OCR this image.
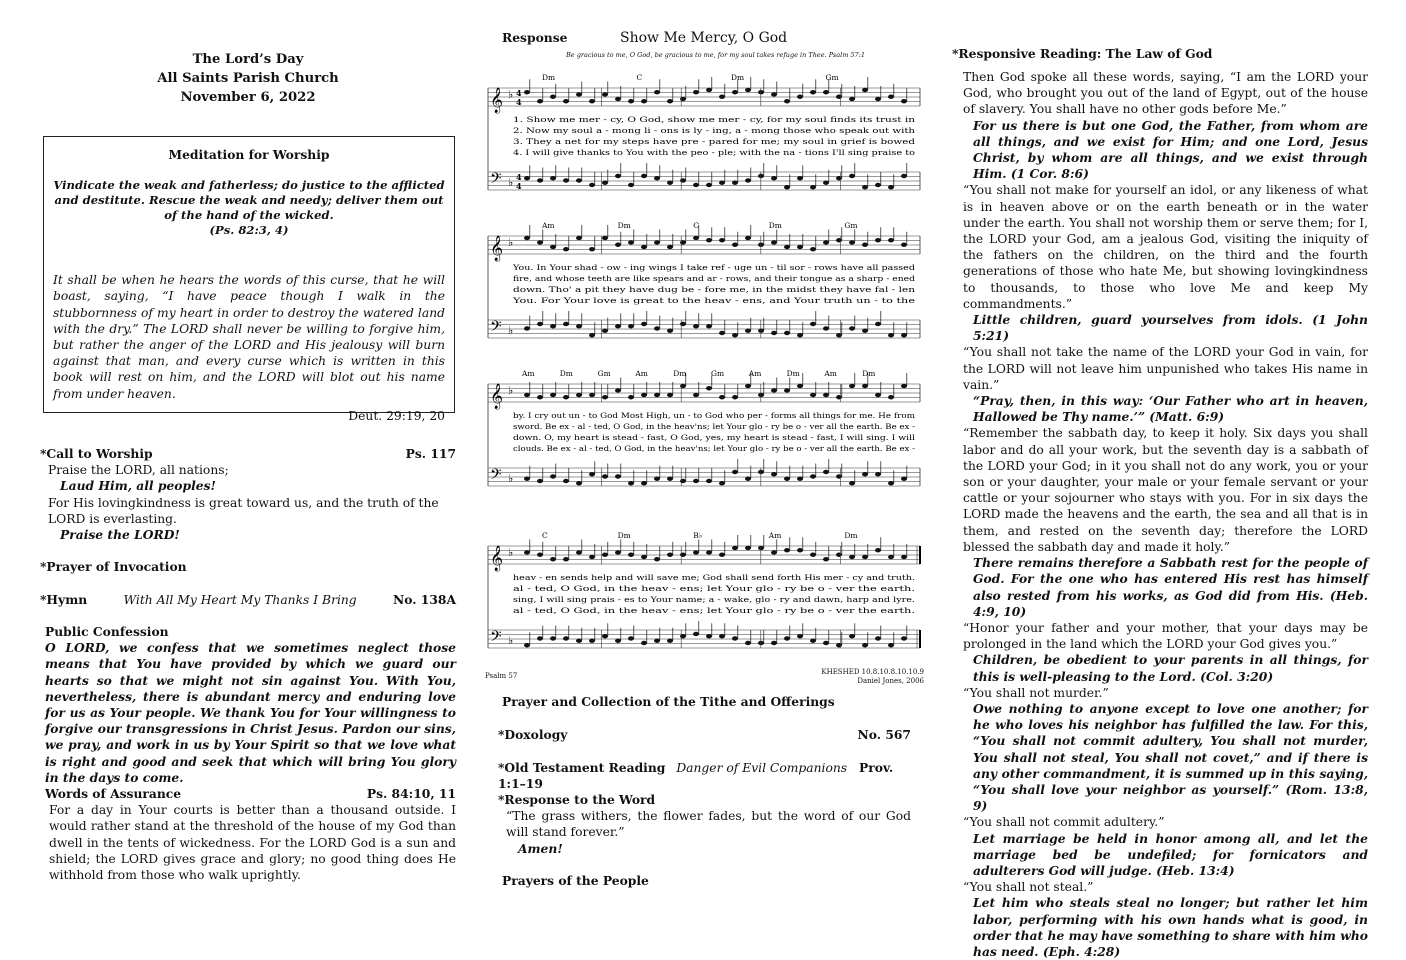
The Lord’s Day
All Saints Parish Church
November 6, 2022
Meditation for Worship
Vindicate the weak and fatherless; do justice to the afflicted and destitute. Rescue the weak and needy; deliver them out of the hand of the wicked.
(Ps. 82:3, 4)
It shall be when he hears the words of this curse, that he will boast, saying, “I have peace though I walk in the stubbornness of my heart in order to destroy the watered land with the dry.” The LORD shall never be willing to forgive him, but rather the anger of the LORD and His jealousy will burn against that man, and every curse which is written in this book will rest on him, and the LORD will blot out his name from under heaven.
Deut. 29:19, 20
*Call to Worship	Ps. 117
Praise the LORD, all nations;
Laud Him, all peoples!
For His lovingkindness is great toward us, and the truth of the LORD is everlasting.
Praise the LORD!
*Prayer of Invocation
*Hymn	With All My Heart My Thanks I Bring	No. 138A
Public Confession
O LORD, we confess that we sometimes neglect those means that You have provided by which we guard our hearts so that we might not sin against You. With You, nevertheless, there is abundant mercy and enduring love for us as Your people. We thank You for Your willingness to forgive our transgressions in Christ Jesus. Pardon our sins, we pray, and work in us by Your Spirit so that we love what is right and good and seek that which will bring You glory in the days to come.
Words of Assurance	Ps. 84:10, 11
For a day in Your courts is better than a thousand outside. I would rather stand at the threshold of the house of my God than dwell in the tents of wickedness. For the LORD God is a sun and shield; the LORD gives grace and glory; no good thing does He withhold from those who walk uprightly.
Response	Show Me Mercy, O God
Be gracious to me, O God, be gracious to me, for my soul takes refuge in Thee. Psalm 57:1
𝄞
𝄢
♭
♭
4
4
4
4
Dm	C	Dm	Gm
1. Show me mer - cy, O God, show me mer - cy, for my soul finds its trust in
2. Now my soul a - mong li - ons is ly - ing, a - mong those who speak out with
3. They a net for my steps have pre - pared for me; my soul in grief is bowed
4. I will give thanks to You with the peo - ple; with the na - tions I'll sing praise to
𝄞
𝄢
♭
♭
Am	Dm	C	Dm	Gm
You. In Your shad - ow - ing wings I take ref - uge un - til sor - rows have all passed
fire, and whose teeth are like spears and ar - rows, and their tongue as a sharp - ened
down. Tho' a pit they have dug be - fore me, in the midst they have fal - len
You. For Your love is great to the heav - ens, and Your truth un - to the
𝄞
𝄢
♭
♭
Am	Dm	Gm	Am	Dm	Gm	Am	Dm	Am	Dm
by. I cry out un - to God Most High, un - to God who per - forms all things for me. He from
sword. Be ex - al - ted, O God, in the heav'ns; let Your glo - ry be o - ver all the earth. Be ex -
down. O, my heart is stead - fast, O God, yes, my heart is stead - fast, I will sing. I will
clouds. Be ex - al - ted, O God, in the heav'ns; let Your glo - ry be o - ver all the earth. Be ex -
𝄞
𝄢
♭
♭
C	Dm	B♭	Am	Dm
heav - en sends help and will save me; God shall send forth His mer - cy and truth.
al - ted, O God, in the heav - ens; let Your glo - ry be o - ver the earth.
sing, I will sing prais - es to Your name; a - wake, glo - ry and dawn, harp and lyre.
al - ted, O God, in the heav - ens; let Your glo - ry be o - ver the earth.
Psalm 57	KHESHED 10.8.10.8.10.10.9
Daniel Jones, 2006
Prayer and Collection of the Tithe and Offerings
*Doxology	No. 567
*Old Testament Reading Danger of Evil Companions Prov. 1:1–19
*Response to the Word
“The grass withers, the flower fades, but the word of our God will stand forever.”
Amen!
Prayers of the People
*Responsive Reading: The Law of God
Then God spoke all these words, saying, “I am the LORD your God, who brought you out of the land of Egypt, out of the house of slavery. You shall have no other gods before Me.”
For us there is but one God, the Father, from whom are all things, and we exist for Him; and one Lord, Jesus Christ, by whom are all things, and we exist through Him. (1 Cor. 8:6)
“You shall not make for yourself an idol, or any likeness of what is in heaven above or on the earth beneath or in the water under the earth. You shall not worship them or serve them; for I, the LORD your God, am a jealous God, visiting the iniquity of the fathers on the children, on the third and the fourth generations of those who hate Me, but showing lovingkindness to thousands, to those who love Me and keep My commandments.”
Little children, guard yourselves from idols. (1 John 5:21)
“You shall not take the name of the LORD your God in vain, for the LORD will not leave him unpunished who takes His name in vain.”
“Pray, then, in this way: ‘Our Father who art in heaven, Hallowed be Thy name.’” (Matt. 6:9)
“Remember the sabbath day, to keep it holy. Six days you shall labor and do all your work, but the seventh day is a sabbath of the LORD your God; in it you shall not do any work, you or your son or your daughter, your male or your female servant or your cattle or your sojourner who stays with you. For in six days the LORD made the heavens and the earth, the sea and all that is in them, and rested on the seventh day; therefore the LORD blessed the sabbath day and made it holy.”
There remains therefore a Sabbath rest for the people of God. For the one who has entered His rest has himself also rested from his works, as God did from His. (Heb. 4:9, 10)
“Honor your father and your mother, that your days may be prolonged in the land which the LORD your God gives you.”
Children, be obedient to your parents in all things, for this is well-pleasing to the Lord. (Col. 3:20)
“You shall not murder.”
Owe nothing to anyone except to love one another; for he who loves his neighbor has fulfilled the law. For this, “You shall not commit adultery, You shall not murder, You shall not steal, You shall not covet,” and if there is any other commandment, it is summed up in this saying, “You shall love your neighbor as yourself.” (Rom. 13:8, 9)
“You shall not commit adultery.”
Let marriage be held in honor among all, and let the marriage bed be undefiled; for fornicators and adulterers God will judge. (Heb. 13:4)
“You shall not steal.”
Let him who steals steal no longer; but rather let him labor, performing with his own hands what is good, in order that he may have something to share with him who has need. (Eph. 4:28)
